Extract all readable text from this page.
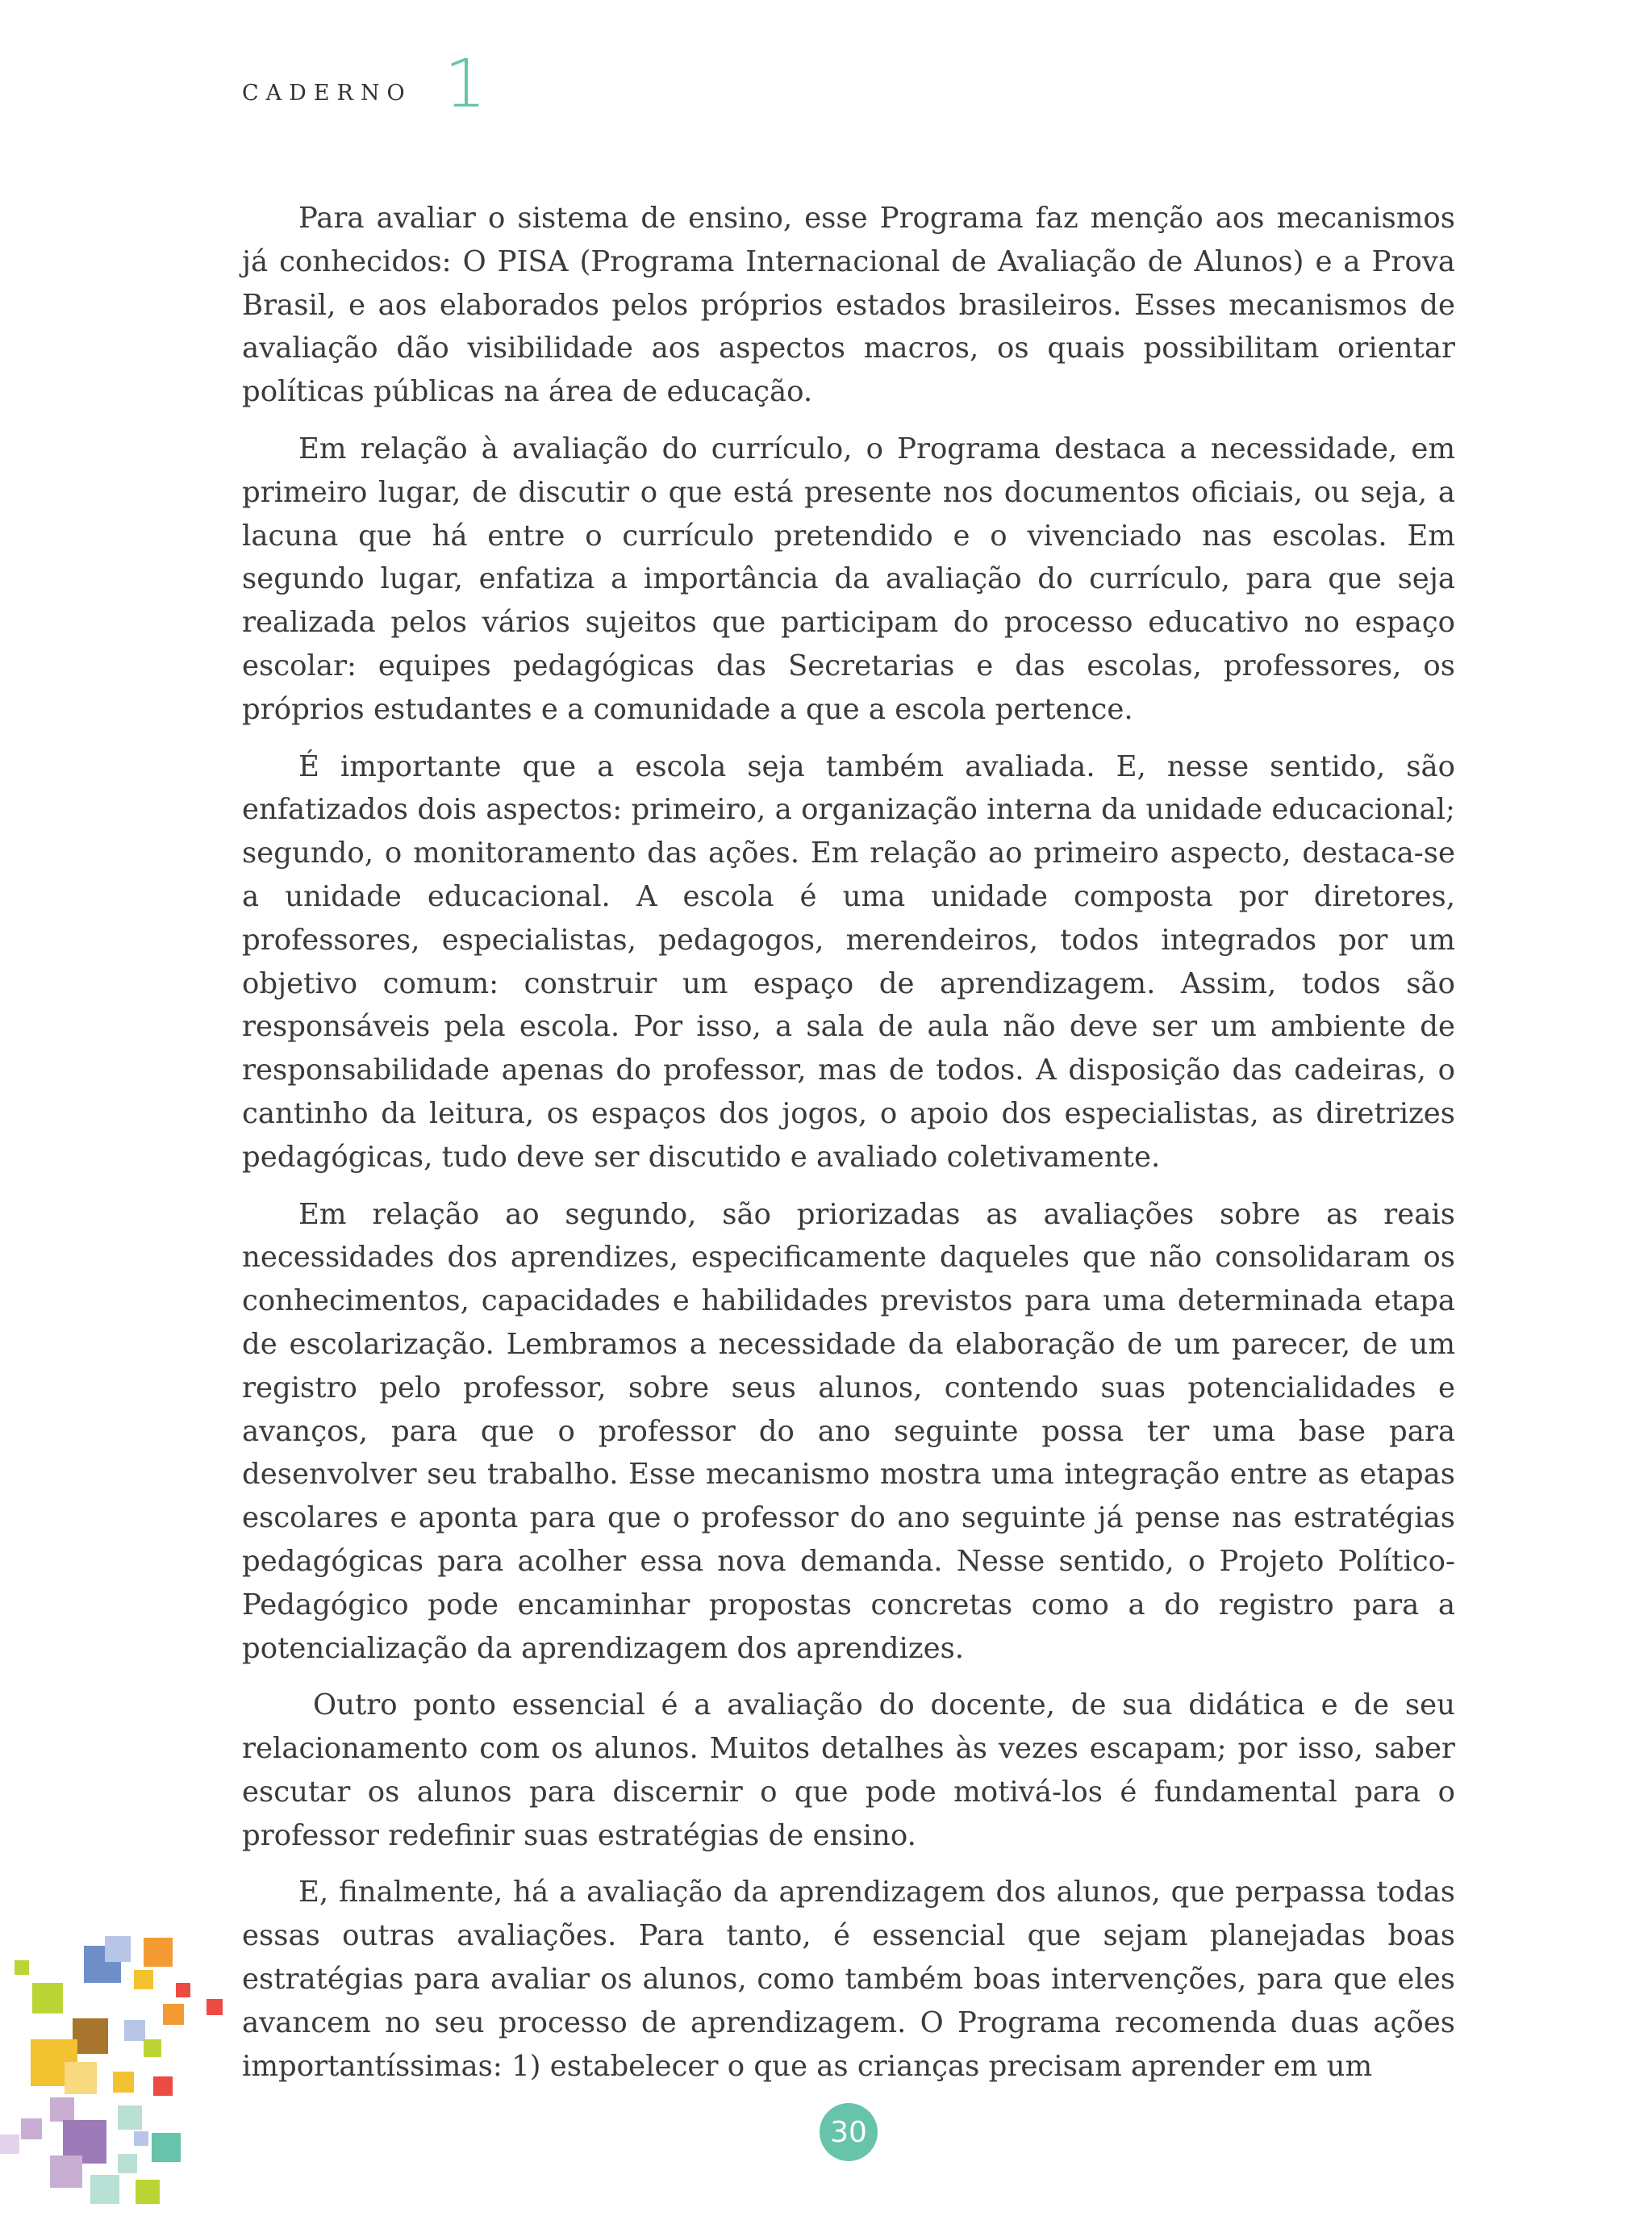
CADERNO 1

Para avaliar o sistema de ensino, esse Programa faz menção aos mecanismos já conhecidos: O PISA (Programa Internacional de Avaliação de Alunos) e a Prova Brasil, e aos elaborados pelos próprios estados brasileiros. Esses mecanismos de avaliação dão visibilidade aos aspectos macros, os quais possibilitam orientar políticas públicas na área de educação.

Em relação à avaliação do currículo, o Programa destaca a necessidade, em primeiro lugar, de discutir o que está presente nos documentos oficiais, ou seja, a lacuna que há entre o currículo pretendido e o vivenciado nas escolas. Em segundo lugar, enfatiza a importância da avaliação do currículo, para que seja realizada pelos vários sujeitos que participam do processo educativo no espaço escolar: equipes pedagógicas das Secretarias e das escolas, professores, os próprios estudantes e a comunidade a que a escola pertence.

É importante que a escola seja também avaliada. E, nesse sentido, são enfatizados dois aspectos: primeiro, a organização interna da unidade educacional; segundo, o monitoramento das ações. Em relação ao primeiro aspecto, destaca-se a unidade educacional. A escola é uma unidade composta por diretores, professores, especialistas, pedagogos, merendeiros, todos integrados por um objetivo comum: construir um espaço de aprendizagem. Assim, todos são responsáveis pela escola. Por isso, a sala de aula não deve ser um ambiente de responsabilidade apenas do professor, mas de todos. A disposição das cadeiras, o cantinho da leitura, os espaços dos jogos, o apoio dos especialistas, as diretrizes pedagógicas, tudo deve ser discutido e avaliado coletivamente.

Em relação ao segundo, são priorizadas as avaliações sobre as reais necessidades dos aprendizes, especificamente daqueles que não consolidaram os conhecimentos, capacidades e habilidades previstos para uma determinada etapa de escolarização. Lembramos a necessidade da elaboração de um parecer, de um registro pelo professor, sobre seus alunos, contendo suas potencialidades e avanços, para que o professor do ano seguinte possa ter uma base para desenvolver seu trabalho. Esse mecanismo mostra uma integração entre as etapas escolares e aponta para que o professor do ano seguinte já pense nas estratégias pedagógicas para acolher essa nova demanda. Nesse sentido, o Projeto Político-Pedagógico pode encaminhar propostas concretas como a do registro para a potencialização da aprendizagem dos aprendizes.

Outro ponto essencial é a avaliação do docente, de sua didática e de seu relacionamento com os alunos. Muitos detalhes às vezes escapam; por isso, saber escutar os alunos para discernir o que pode motivá-los é fundamental para o professor redefinir suas estratégias de ensino.

E, finalmente, há a avaliação da aprendizagem dos alunos, que perpassa todas essas outras avaliações. Para tanto, é essencial que sejam planejadas boas estratégias para avaliar os alunos, como também boas intervenções, para que eles avancem no seu processo de aprendizagem. O Programa recomenda duas ações importantíssimas: 1) estabelecer o que as crianças precisam aprender em um

30
